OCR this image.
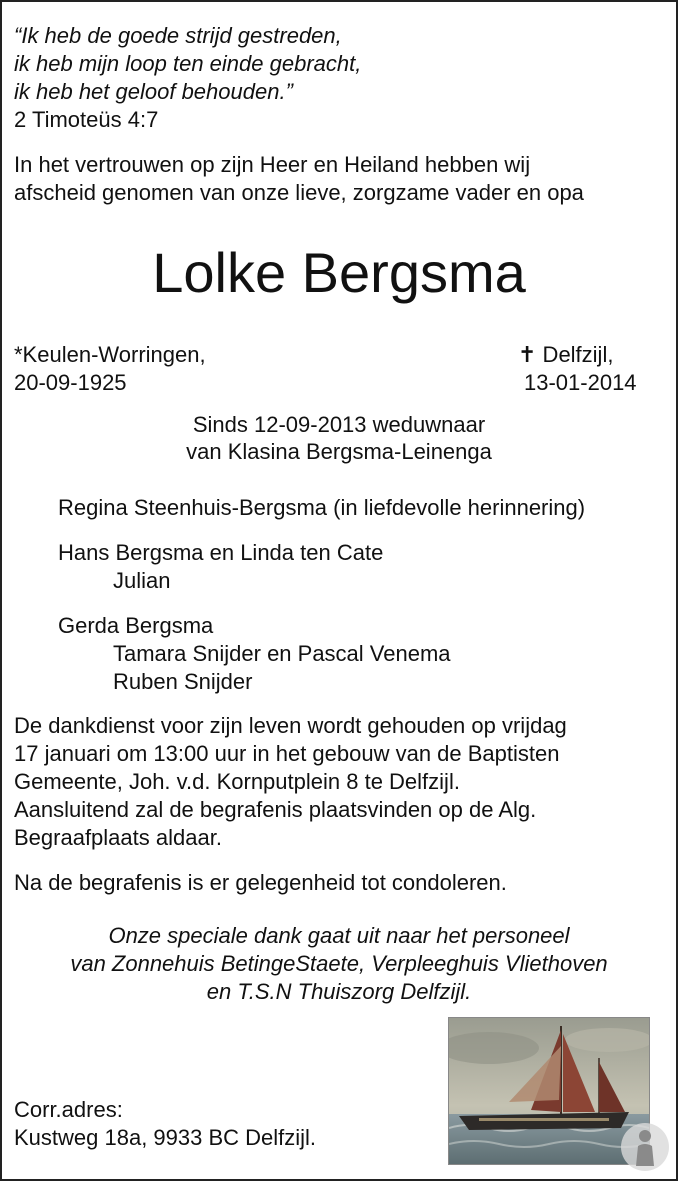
“Ik heb de goede strijd gestreden,
ik heb mijn loop ten einde gebracht,
ik heb het geloof behouden.”
2 Timoteüs 4:7
In het vertrouwen op zijn Heer en Heiland hebben wij
afscheid genomen van onze lieve, zorgzame vader en opa
Lolke Bergsma
*Keulen-Worringen,
20-09-1925
✝ Delfzijl,
13-01-2014
Sinds 12-09-2013 weduwnaar
van Klasina Bergsma-Leinenga
Regina Steenhuis-Bergsma (in liefdevolle herinnering)
Hans Bergsma en Linda ten Cate
Julian
Gerda Bergsma
Tamara Snijder en Pascal Venema
Ruben Snijder
De dankdienst voor zijn leven wordt gehouden op vrijdag
17 januari om 13:00 uur in het gebouw van de Baptisten
Gemeente, Joh. v.d. Kornputplein 8 te Delfzijl.
Aansluitend zal de begrafenis plaatsvinden op de Alg.
Begraafplaats aldaar.
Na de begrafenis is er gelegenheid tot condoleren.
Onze speciale dank gaat uit naar het personeel
van Zonnehuis BetingeStaete, Verpleeghuis Vliethoven
en T.S.N Thuiszorg Delfzijl.
Corr.adres:
Kustweg 18a, 9933 BC Delfzijl.
